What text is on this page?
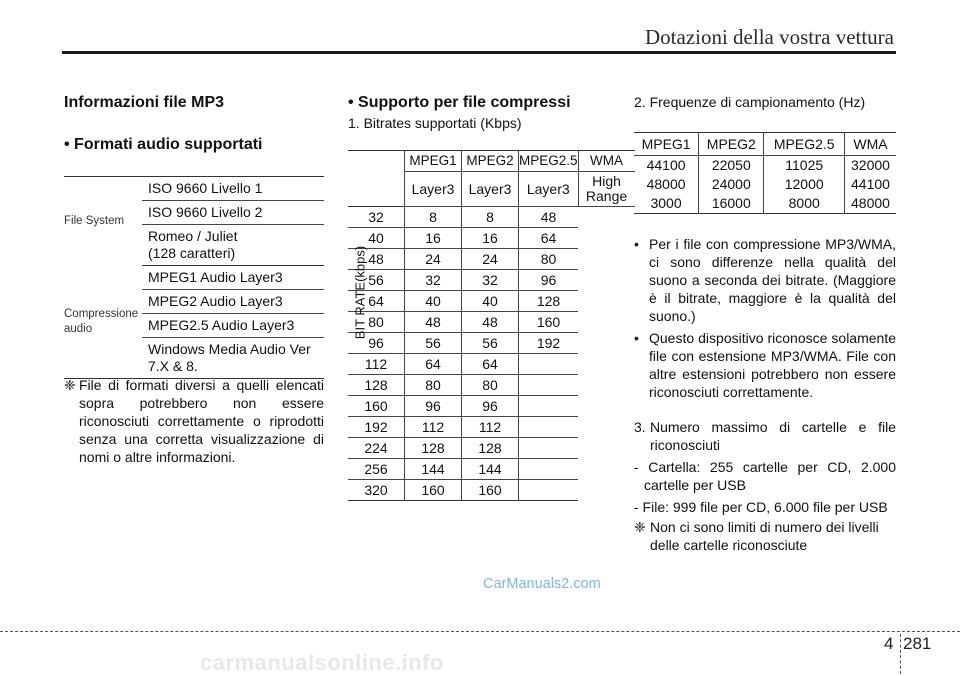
Dotazioni della vostra vettura
Informazioni file MP3
• Formati audio supportati
File System	ISO 9660 Livello 1
	ISO 9660 Livello 2
	Romeo / Juliet
(128 caratteri)
Compressione audio	MPEG1 Audio Layer3
	MPEG2 Audio Layer3
	MPEG2.5 Audio Layer3
	Windows Media Audio Ver
7.X & 8.
❈ File di formati diversi a quelli elencati sopra potrebbero non essere riconosciuti correttamente o riprodotti senza una corretta visualizzazione di nomi o altre informazioni.
• Supporto per file compressi
1. Bitrates supportati (Kbps)
	MPEG1	MPEG2	MPEG2.5	WMA
	Layer3	Layer3	Layer3	High
Range
32	8	8	48	
40	16	16	64	
48	24	24	80	
56	32	32	96	
64	40	40	128	
80	48	48	160	
96	56	56	192	
112	64	64		
128	80	80		
160	96	96		
192	112	112		
224	128	128		
256	144	144		
320	160	160		
BIT RATE(kbps)
2. Frequenze di campionamento (Hz)
MPEG1	MPEG2	MPEG2.5	WMA
44100	22050	11025	32000
48000	24000	12000	44100
3000	16000	8000	48000
• Per i file con compressione MP3/WMA, ci sono differenze nella qualità del suono a seconda dei bitrate. (Maggiore è il bitrate, maggiore è la qualità del suono.)
• Questo dispositivo riconosce solamente file con estensione MP3/WMA. File con altre estensioni potrebbero non essere riconosciuti correttamente.
3. Numero massimo di cartelle e file riconosciuti
- Cartella: 255 cartelle per CD, 2.000 cartelle per USB
- File: 999 file per CD, 6.000 file per USB
❈ Non ci sono limiti di numero dei livelli delle cartelle riconosciute
CarManuals2.com
4 281
carmanualsonline.info
